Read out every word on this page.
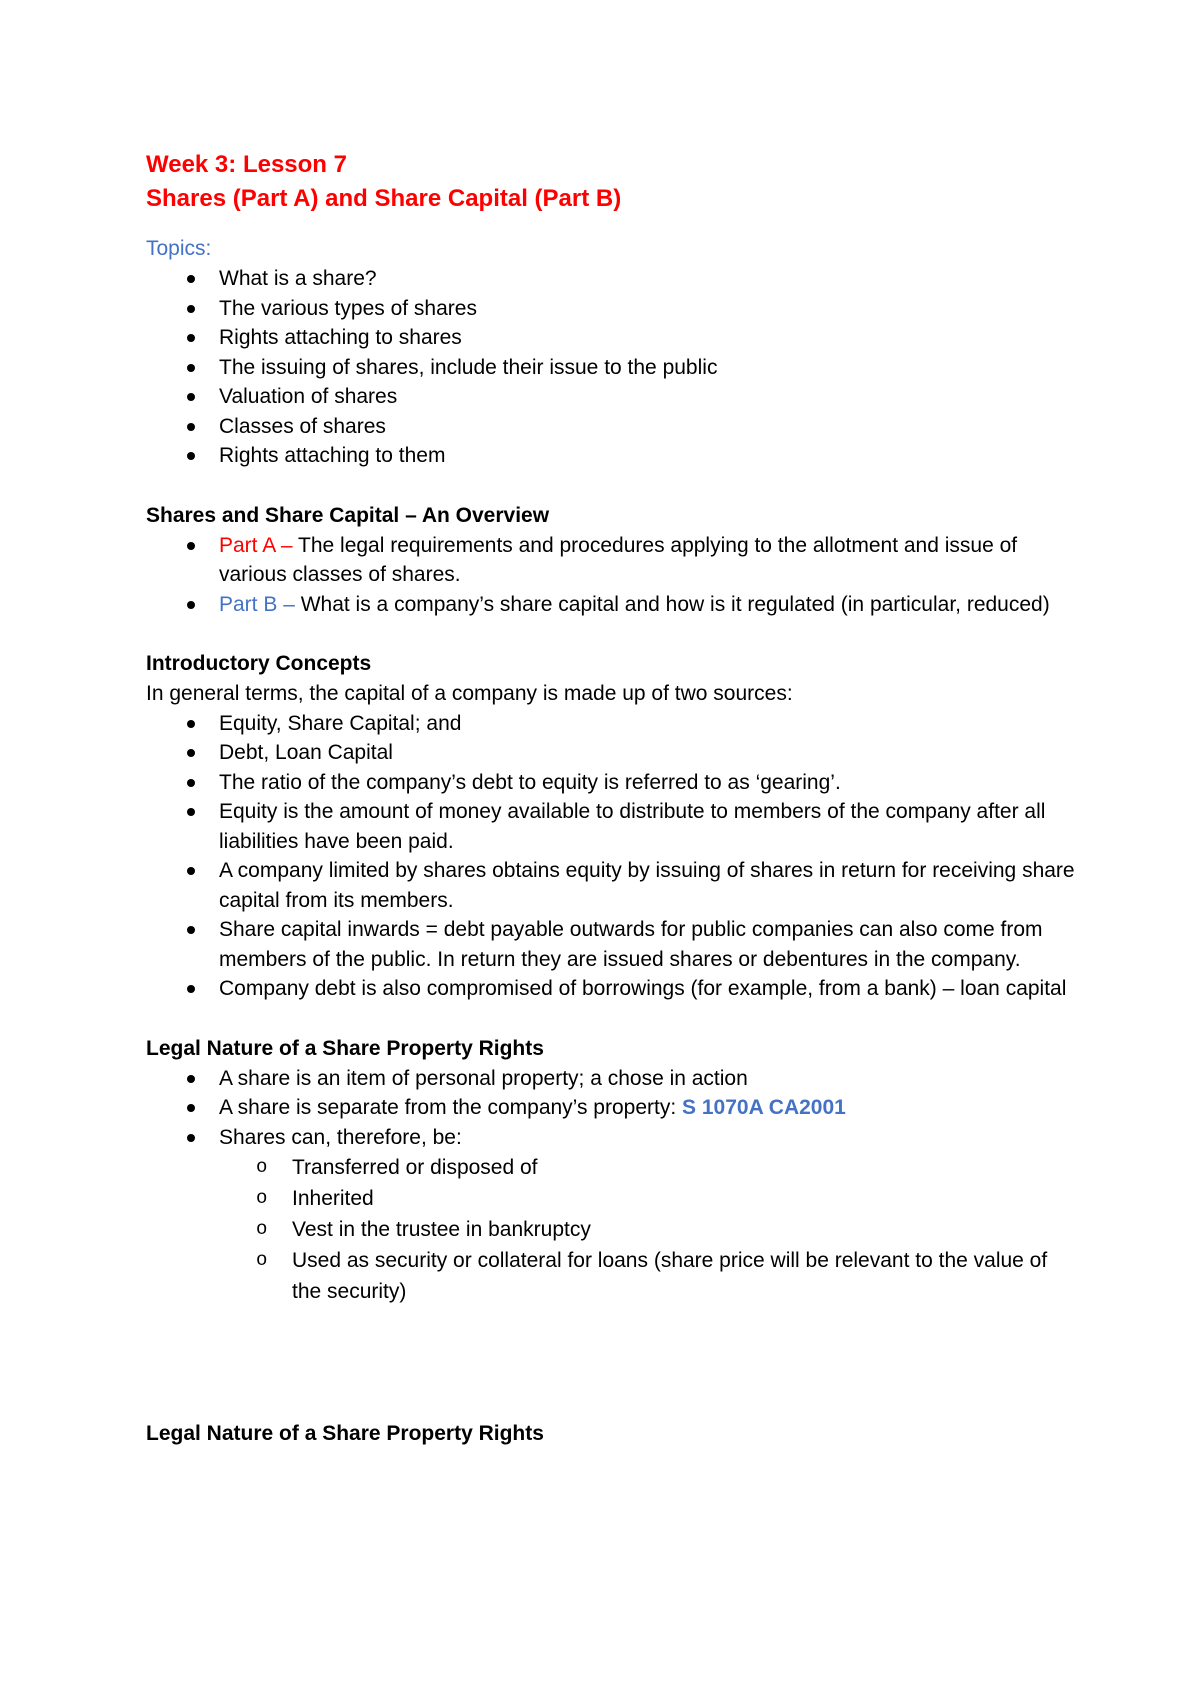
Week 3: Lesson 7
Shares (Part A) and Share Capital (Part B)
Topics:
What is a share?
The various types of shares
Rights attaching to shares
The issuing of shares, include their issue to the public
Valuation of shares
Classes of shares
Rights attaching to them
Shares and Share Capital – An Overview
Part A – The legal requirements and procedures applying to the allotment and issue of various classes of shares.
Part B – What is a company’s share capital and how is it regulated (in particular, reduced)
Introductory Concepts
In general terms, the capital of a company is made up of two sources:
Equity, Share Capital; and
Debt, Loan Capital
The ratio of the company’s debt to equity is referred to as ‘gearing’.
Equity is the amount of money available to distribute to members of the company after all liabilities have been paid.
A company limited by shares obtains equity by issuing of shares in return for receiving share capital from its members.
Share capital inwards = debt payable outwards for public companies can also come from members of the public. In return they are issued shares or debentures in the company.
Company debt is also compromised of borrowings (for example, from a bank) – loan capital
Legal Nature of a Share Property Rights
A share is an item of personal property; a chose in action
A share is separate from the company’s property: S 1070A CA2001
Shares can, therefore, be:
o Transferred or disposed of
o Inherited
o Vest in the trustee in bankruptcy
o Used as security or collateral for loans (share price will be relevant to the value of the security)
Legal Nature of a Share Property Rights
